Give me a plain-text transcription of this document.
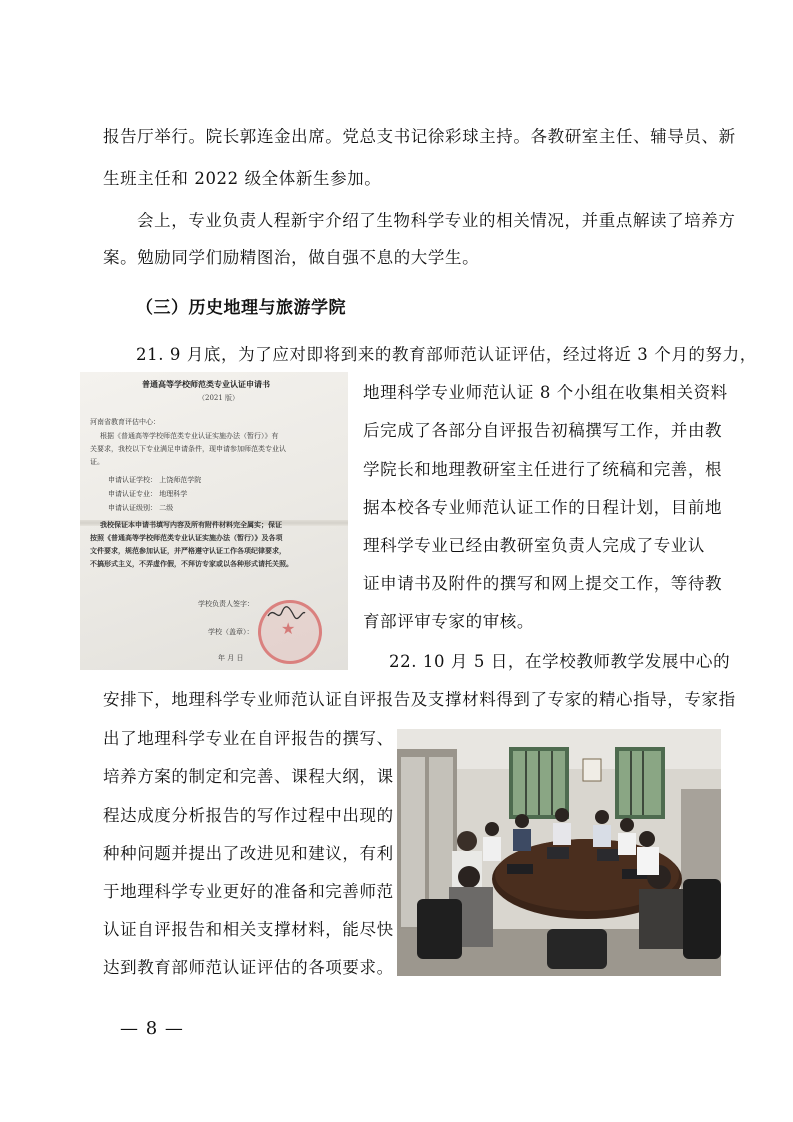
报告厅举行。院长郭连金出席。党总支书记徐彩球主持。各教研室主任、辅导员、新
生班主任和 2022 级全体新生参加。
会上，专业负责人程新宇介绍了生物科学专业的相关情况，并重点解读了培养方
案。勉励同学们励精图治，做自强不息的大学生。
（三）历史地理与旅游学院
21. 9 月底，为了应对即将到来的教育部师范认证评估，经过将近 3 个月的努力，
地理科学专业师范认证 8 个小组在收集相关资料
后完成了各部分自评报告初稿撰写工作，并由教
学院长和地理教研室主任进行了统稿和完善，根
据本校各专业师范认证工作的日程计划，目前地
理科学专业已经由教研室负责人完成了专业认
证申请书及附件的撰写和网上提交工作，等待教
育部评审专家的审核。
22. 10 月 5 日，在学校教师教学发展中心的
安排下，地理科学专业师范认证自评报告及支撑材料得到了专家的精心指导，专家指
出了地理科学专业在自评报告的撰写、
培养方案的制定和完善、课程大纲，课
程达成度分析报告的写作过程中出现的
种种问题并提出了改进见和建议，有利
于地理科学专业更好的准备和完善师范
认证自评报告和相关支撑材料，能尽快
达到教育部师范认证评估的各项要求。
普通高等学校师范类专业认证申请书
（2021 版）
河南省教育评估中心：
根据《普通高等学校师范类专业认证实施办法（暂行）》有
关要求，我校以下专业满足申请条件，现申请参加师范类专业认
证。
申请认证学校： 上饶师范学院
申请认证专业： 地理科学
申请认证级别： 二级
我校保证本申请书填写内容及所有附件材料完全属实；保证
按照《普通高等学校师范类专业认证实施办法（暂行）》及各项
文件要求，规范参加认证，并严格遵守认证工作各项纪律要求，
不搞形式主义，不弄虚作假，不拜访专家或以各种形式请托关照。
学校负责人签字：
学校（盖章）：
年 月 日
★
— 8 —
